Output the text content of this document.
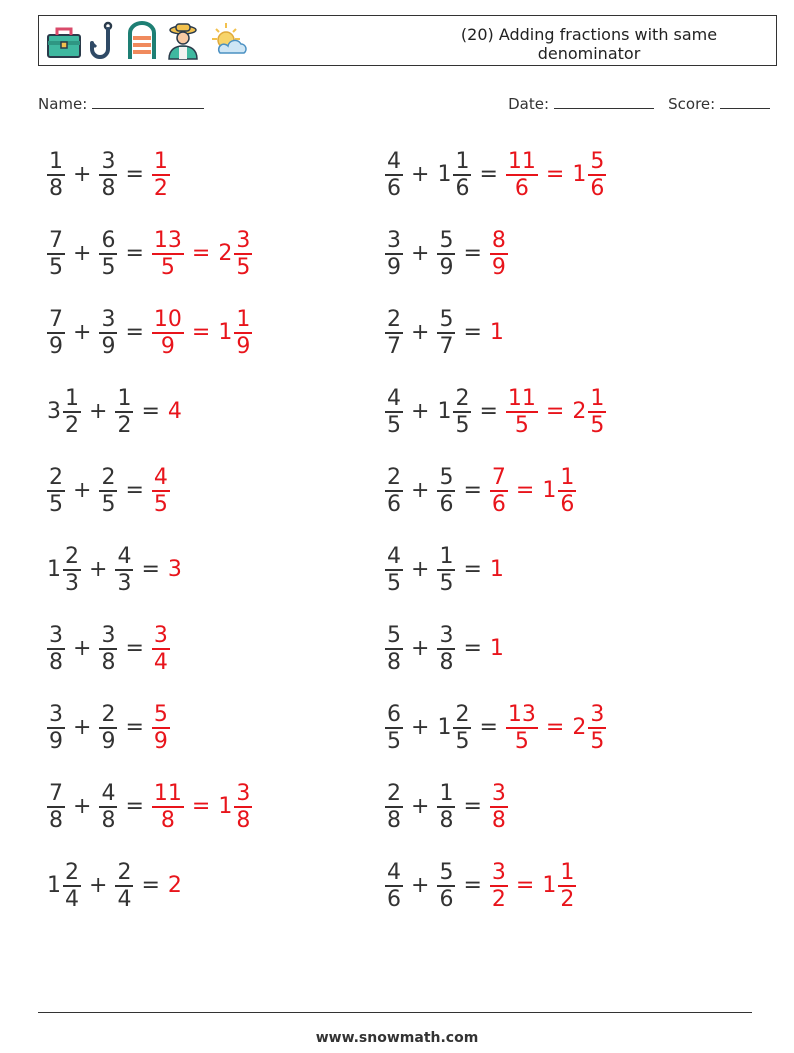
(20) Adding fractions with same denominator
Name:	Date:	Score:
$\frac{1}{8} + \frac{3}{8} = \frac{1}{2}$	$\frac{4}{6} + 1 \frac{1}{6} = \frac{11}{6} = 1 \frac{5}{6}$
$\frac{7}{5} + \frac{6}{5} = \frac{13}{5} = 2 \frac{3}{5}$	$\frac{3}{9} + \frac{5}{9} = \frac{8}{9}$
$\frac{7}{9} + \frac{3}{9} = \frac{10}{9} = 1 \frac{1}{9}$	$\frac{2}{7} + \frac{5}{7} = 1$
$3 \frac{1}{2} + \frac{1}{2} = 4$	$\frac{4}{5} + 1 \frac{2}{5} = \frac{11}{5} = 2 \frac{1}{5}$
$\frac{2}{5} + \frac{2}{5} = \frac{4}{5}$	$\frac{2}{6} + \frac{5}{6} = \frac{7}{6} = 1 \frac{1}{6}$
$1 \frac{2}{3} + \frac{4}{3} = 3$	$\frac{4}{5} + \frac{1}{5} = 1$
$\frac{3}{8} + \frac{3}{8} = \frac{3}{4}$	$\frac{5}{8} + \frac{3}{8} = 1$
$\frac{3}{9} + \frac{2}{9} = \frac{5}{9}$	$\frac{6}{5} + 1 \frac{2}{5} = \frac{13}{5} = 2 \frac{3}{5}$
$\frac{7}{8} + \frac{4}{8} = \frac{11}{8} = 1 \frac{3}{8}$	$\frac{2}{8} + \frac{1}{8} = \frac{3}{8}$
$1 \frac{2}{4} + \frac{2}{4} = 2$	$\frac{4}{6} + \frac{5}{6} = \frac{3}{2} = 1 \frac{1}{2}$
www.snowmath.com
